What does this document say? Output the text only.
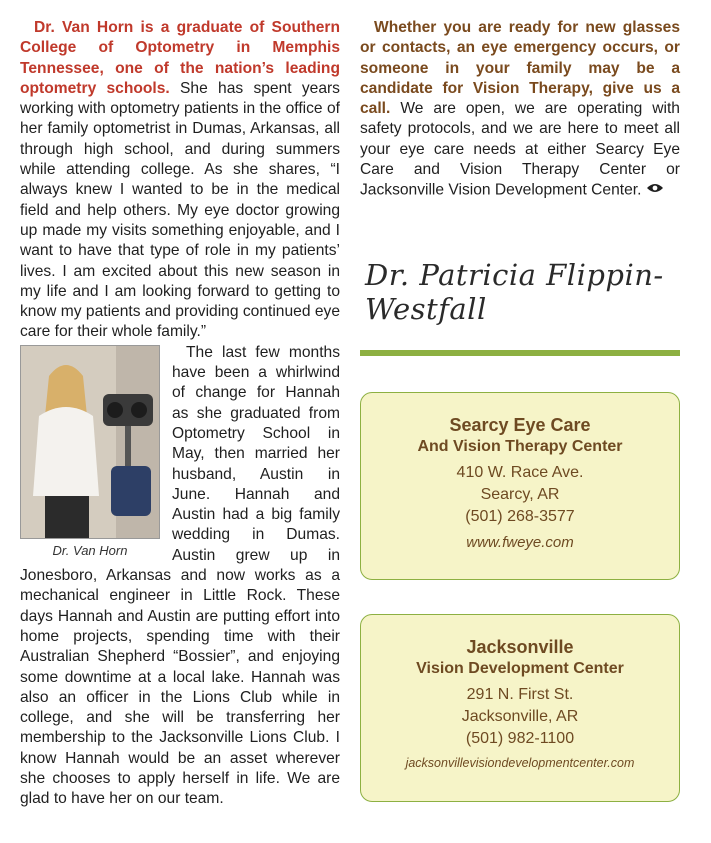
Dr. Van Horn is a graduate of Southern College of Optometry in Memphis Tennessee, one of the nation’s leading optometry schools. She has spent years working with optometry patients in the office of her family optometrist in Dumas, Arkansas, all through high school, and during summers while attending college. As she shares, “I always knew I wanted to be in the medical field and help others. My eye doctor growing up made my visits something enjoyable, and I want to have that type of role in my patients’ lives. I am excited about this new season in my life and I am looking forward to getting to know my patients and providing continued eye care for their whole family.”

Dr. Van Horn

The last few months have been a whirlwind of change for Hannah as she graduated from Optometry School in May, then married her husband, Austin in June. Hannah and Austin had a big family wedding in Dumas. Austin grew up in Jonesboro, Arkansas and now works as a mechanical engineer in Little Rock. These days Hannah and Austin are putting effort into home projects, spending time with their Australian Shepherd “Bossier”, and enjoying some downtime at a local lake. Hannah was also an officer in the Lions Club while in college, and she will be transferring her membership to the Jacksonville Lions Club. I know Hannah would be an asset wherever she chooses to apply herself in life. We are glad to have her on our team.

Whether you are ready for new glasses or contacts, an eye emergency occurs, or someone in your family may be a candidate for Vision Therapy, give us a call. We are open, we are operating with safety protocols, and we are here to meet all your eye care needs at either Searcy Eye Care and Vision Therapy Center or Jacksonville Vision Development Center.

Dr. Patricia Flippin-Westfall
Searcy Eye Care
And Vision Therapy Center
410 W. Race Ave.
Searcy, AR
(501) 268-3577
www.fweye.com
Jacksonville
Vision Development Center
291 N. First St.
Jacksonville, AR
(501) 982-1100
jacksonvillevisiondevelopmentcenter.com
